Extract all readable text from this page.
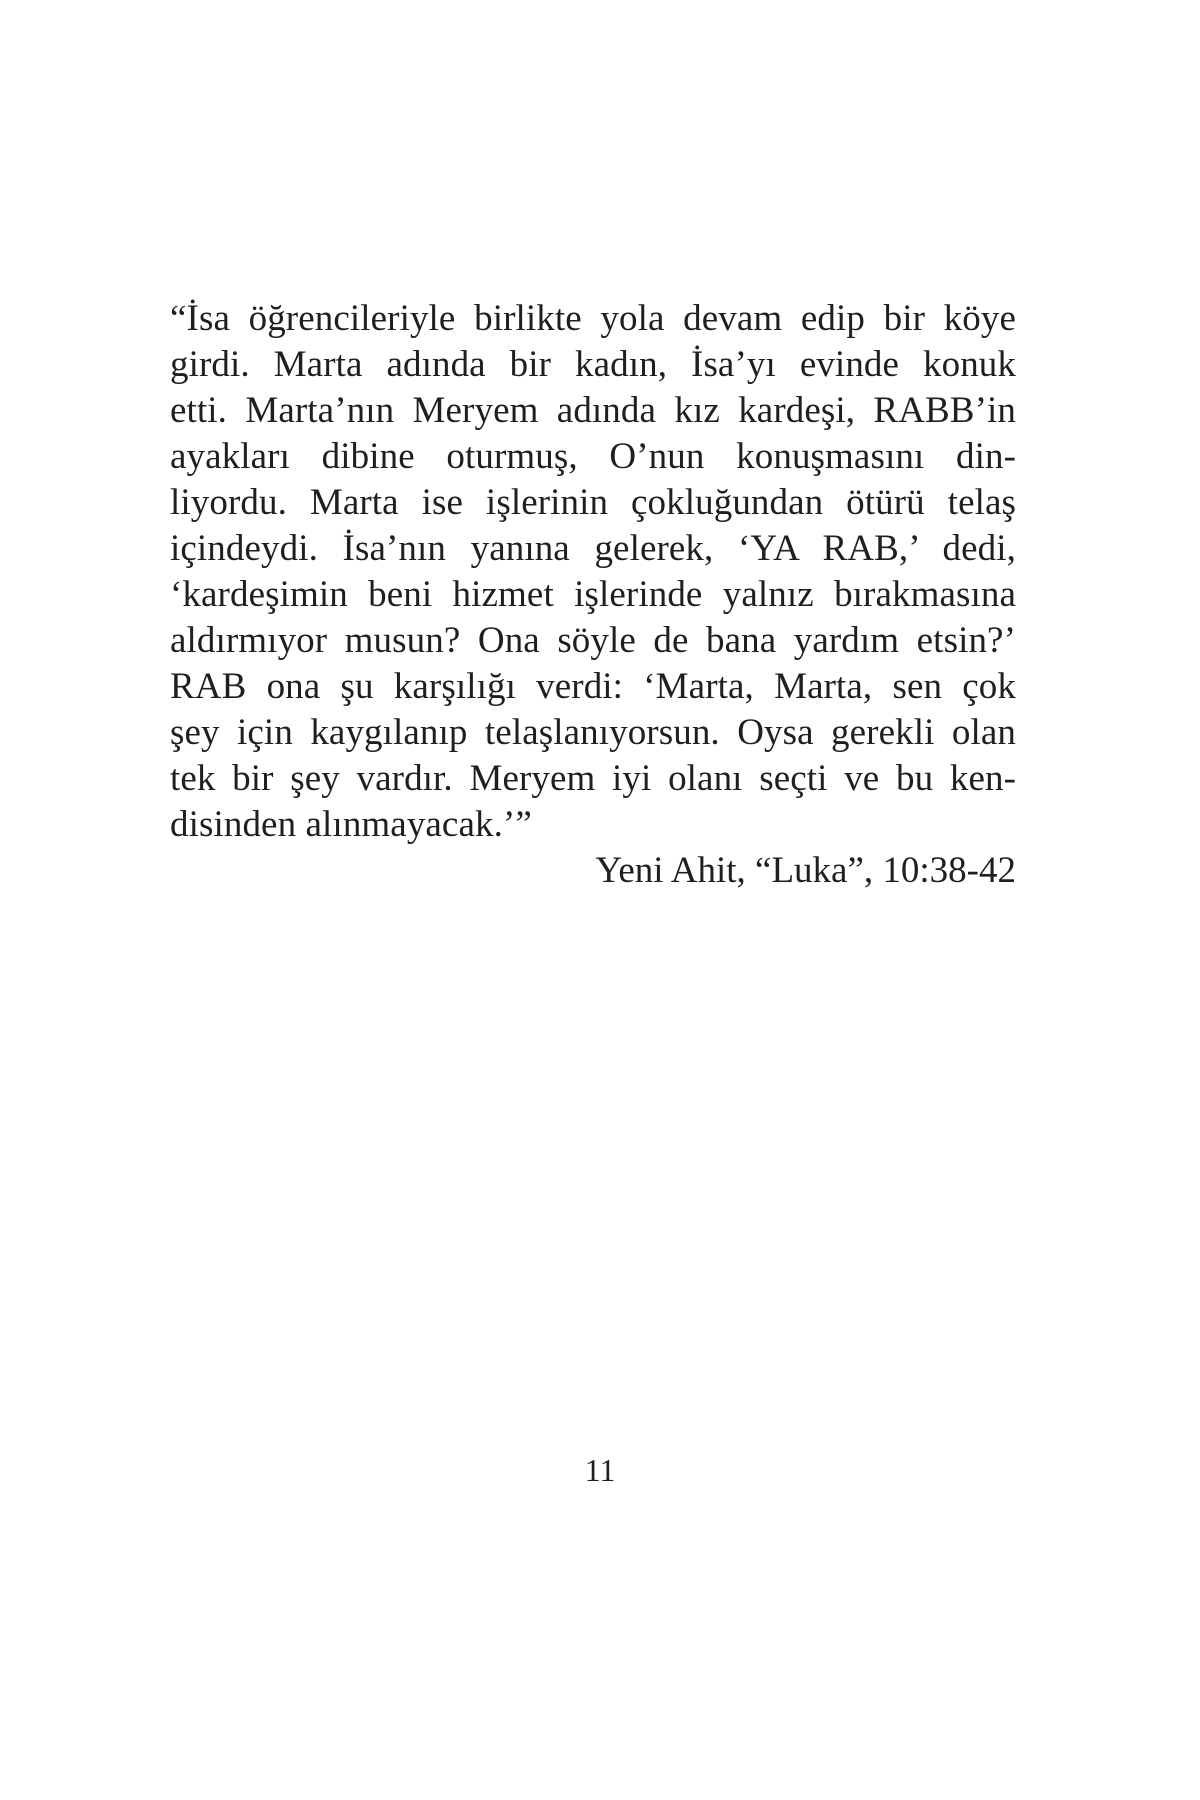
“İsa öğrencileriyle birlikte yola devam edip bir köye
girdi. Marta adında bir kadın, İsa’yı evinde konuk
etti. Marta’nın Meryem adında kız kardeşi, RABB’in
ayakları dibine oturmuş, O’nun konuşmasını din-
liyordu. Marta ise işlerinin çokluğundan ötürü telaş
içindeydi. İsa’nın yanına gelerek, ‘YA RAB,’ dedi,
‘kardeşimin beni hizmet işlerinde yalnız bırakmasına
aldırmıyor musun? Ona söyle de bana yardım etsin?’
RAB ona şu karşılığı verdi: ‘Marta, Marta, sen çok
şey için kaygılanıp telaşlanıyorsun. Oysa gerekli olan
tek bir şey vardır. Meryem iyi olanı seçti ve bu ken-
disinden alınmayacak.’”
Yeni Ahit, “Luka”, 10:38-42
11
